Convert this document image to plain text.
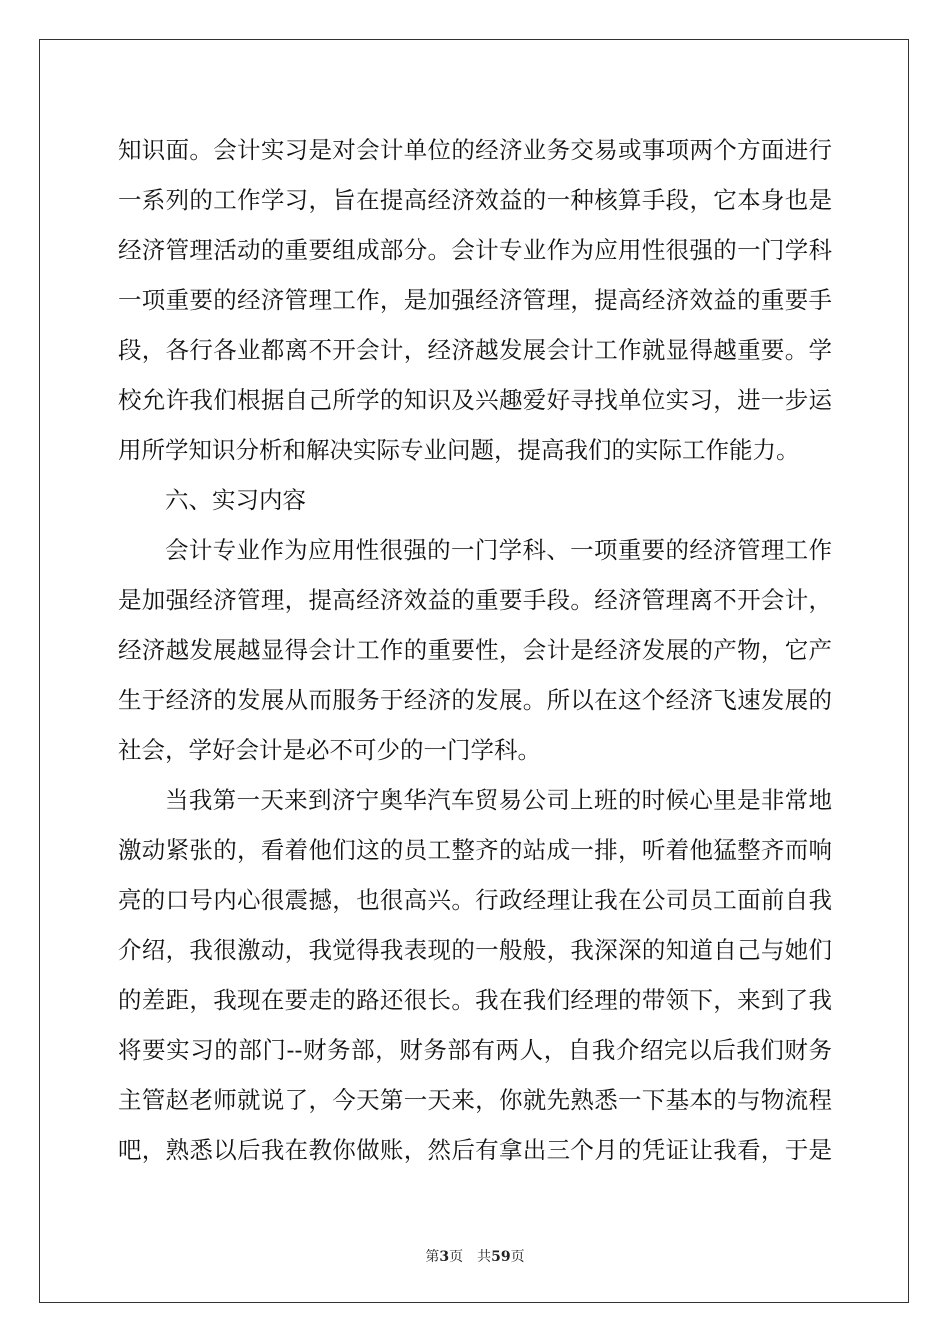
知识面。会计实习是对会计单位的经济业务交易或事项两个方面进行
一系列的工作学习，旨在提高经济效益的一种核算手段，它本身也是
经济管理活动的重要组成部分。会计专业作为应用性很强的一门学科
一项重要的经济管理工作，是加强经济管理，提高经济效益的重要手
段，各行各业都离不开会计，经济越发展会计工作就显得越重要。学
校允许我们根据自己所学的知识及兴趣爱好寻找单位实习，进一步运
用所学知识分析和解决实际专业问题，提高我们的实际工作能力。
六、实习内容
会计专业作为应用性很强的一门学科、一项重要的经济管理工作
是加强经济管理，提高经济效益的重要手段。经济管理离不开会计，
经济越发展越显得会计工作的重要性，会计是经济发展的产物，它产
生于经济的发展从而服务于经济的发展。所以在这个经济飞速发展的
社会，学好会计是必不可少的一门学科。
当我第一天来到济宁奥华汽车贸易公司上班的时候心里是非常地
激动紧张的，看着他们这的员工整齐的站成一排，听着他猛整齐而响
亮的口号内心很震撼，也很高兴。行政经理让我在公司员工面前自我
介绍，我很激动，我觉得我表现的一般般，我深深的知道自己与她们
的差距，我现在要走的路还很长。我在我们经理的带领下，来到了我
将要实习的部门--财务部，财务部有两人，自我介绍完以后我们财务
主管赵老师就说了，今天第一天来，你就先熟悉一下基本的与物流程
吧，熟悉以后我在教你做账，然后有拿出三个月的凭证让我看，于是
第3页 共59页
